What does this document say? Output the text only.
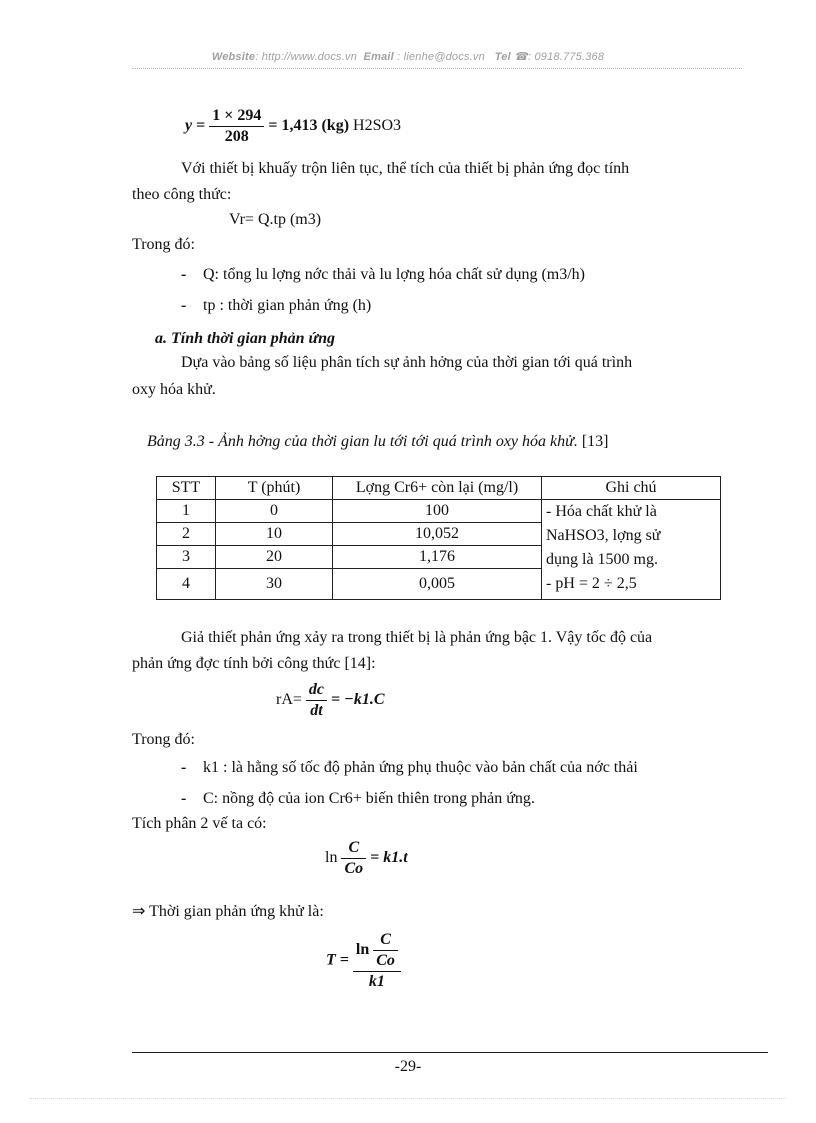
Website: http://www.docs.vn Email : lienhe@docs.vn Tel ☎: 0918.775.368
$y = \frac{1 \times 294}{208} = 1,413$ (kg) H2SO3
Với thiết bị khuấy trộn liên tục, thể tích của thiết bị phản ứng đọc tính
theo công thức:
Vr= Q.tp (m3)
Trong đó:
- Q: tổng lu lợng nớc thải và lu lợng hóa chất sử dụng (m3/h)
- tp : thời gian phản ứng (h)
a. Tính thời gian phản ứng
Dựa vào bảng số liệu phân tích sự ảnh hởng của thời gian tới quá trình
oxy hóa khử.
Bảng 3.3 - Ảnh hởng của thời gian lu tới tới quá trình oxy hóa khử. [13]
STT	T (phút)	Lợng Cr6+ còn lại (mg/l)	Ghi chú
1	0	100	- Hóa chất khử là
NaHSO3, lợng sử
dụng là 1500 mg.
- pH = 2 ÷ 2,5

2	10	10,052	
3	20	1,176	
4	30	0,005	
Giả thiết phản ứng xảy ra trong thiết bị là phản ứng bậc 1. Vậy tốc độ của
phản ứng đợc tính bởi công thức [14]:
$rA= \frac{dc}{dt} = -k1.C$
Trong đó:
- k1 : là hằng số tốc độ phản ứng phụ thuộc vào bản chất của nớc thải
- C: nồng độ của ion Cr6+ biến thiên trong phản ứng.
Tích phân 2 vế ta có:
$\ln \frac{C}{Co} = k1.t$
⇒ Thời gian phản ứng khử là:
$T = \frac{\ln \frac{C}{Co}}{k1}$
-29-
